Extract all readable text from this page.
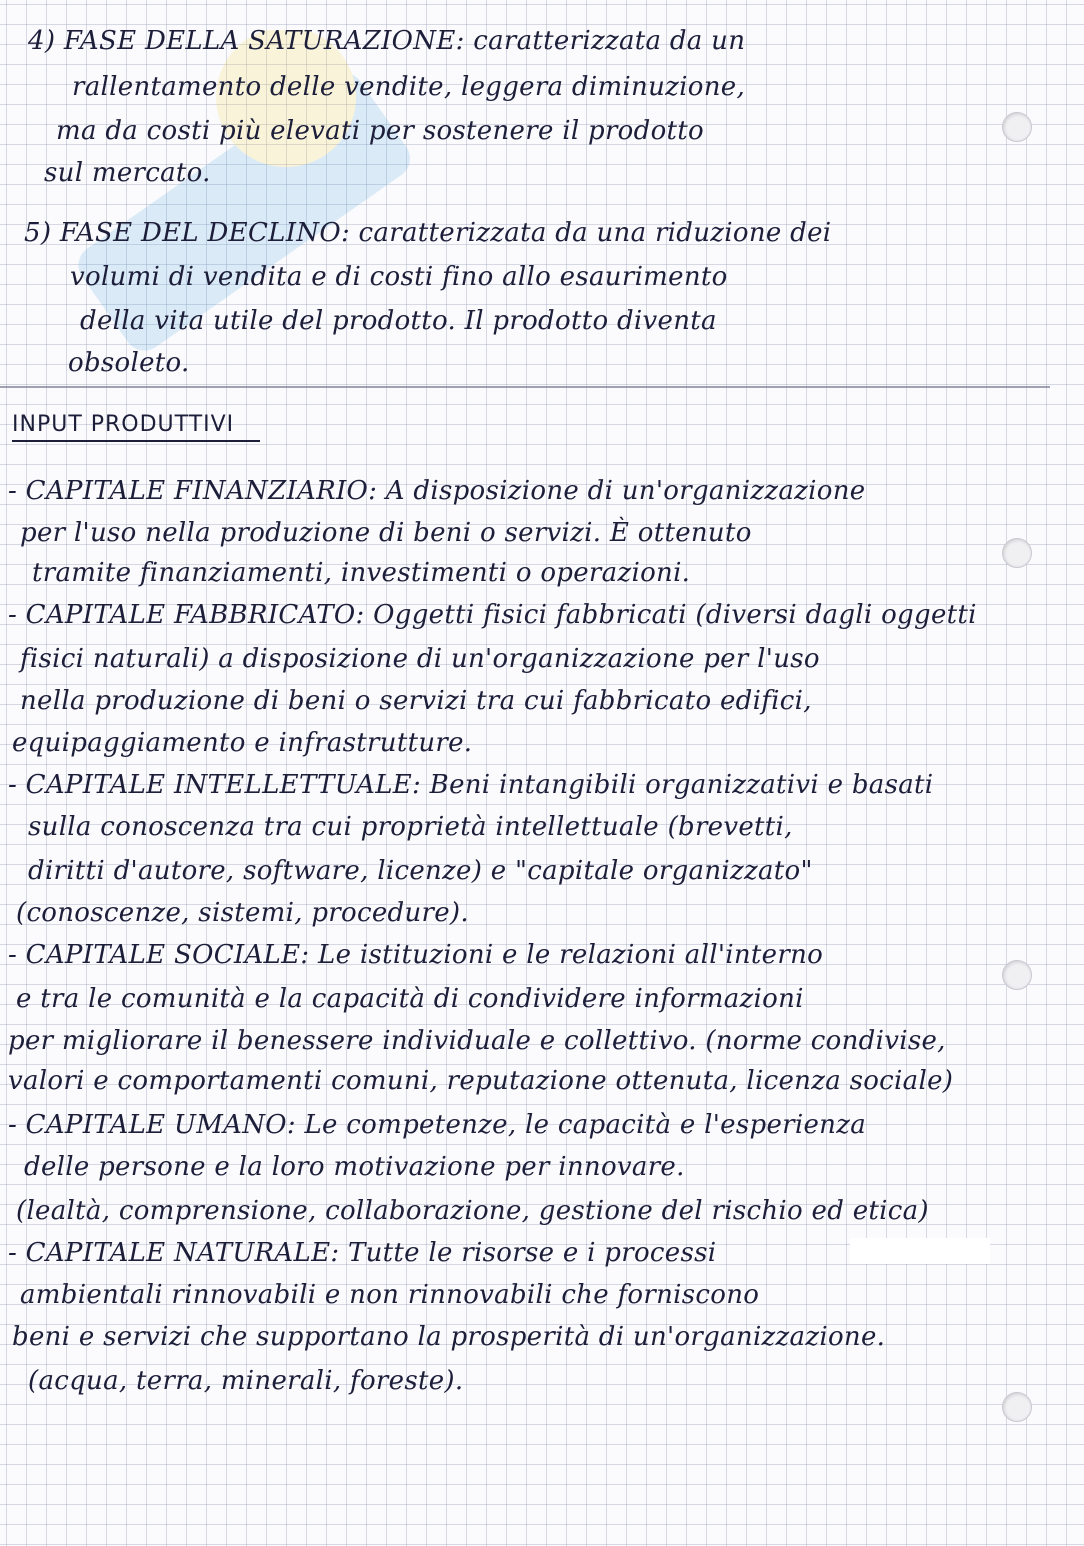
4) FASE DELLA SATURAZIONE: caratterizzata da un
rallentamento delle vendite, leggera diminuzione,
ma da costi più elevati per sostenere il prodotto
sul mercato.
5) FASE DEL DECLINO: caratterizzata da una riduzione dei
volumi di vendita e di costi fino allo esaurimento
della vita utile del prodotto. Il prodotto diventa
obsoleto.
INPUT PRODUTTIVI
- CAPITALE FINANZIARIO: A disposizione di un'organizzazione
per l'uso nella produzione di beni o servizi. È ottenuto
tramite finanziamenti, investimenti o operazioni.
- CAPITALE FABBRICATO: Oggetti fisici fabbricati (diversi dagli oggetti
fisici naturali) a disposizione di un'organizzazione per l'uso
nella produzione di beni o servizi tra cui fabbricato edifici,
equipaggiamento e infrastrutture.
- CAPITALE INTELLETTUALE: Beni intangibili organizzativi e basati
sulla conoscenza tra cui proprietà intellettuale (brevetti,
diritti d'autore, software, licenze) e "capitale organizzato"
(conoscenze, sistemi, procedure).
- CAPITALE SOCIALE: Le istituzioni e le relazioni all'interno
e tra le comunità e la capacità di condividere informazioni
per migliorare il benessere individuale e collettivo. (norme condivise,
valori e comportamenti comuni, reputazione ottenuta, licenza sociale)
- CAPITALE UMANO: Le competenze, le capacità e l'esperienza
delle persone e la loro motivazione per innovare.
(lealtà, comprensione, collaborazione, gestione del rischio ed etica)
- CAPITALE NATURALE: Tutte le risorse e i processi
ambientali rinnovabili e non rinnovabili che forniscono
beni e servizi che supportano la prosperità di un'organizzazione.
(acqua, terra, minerali, foreste).
